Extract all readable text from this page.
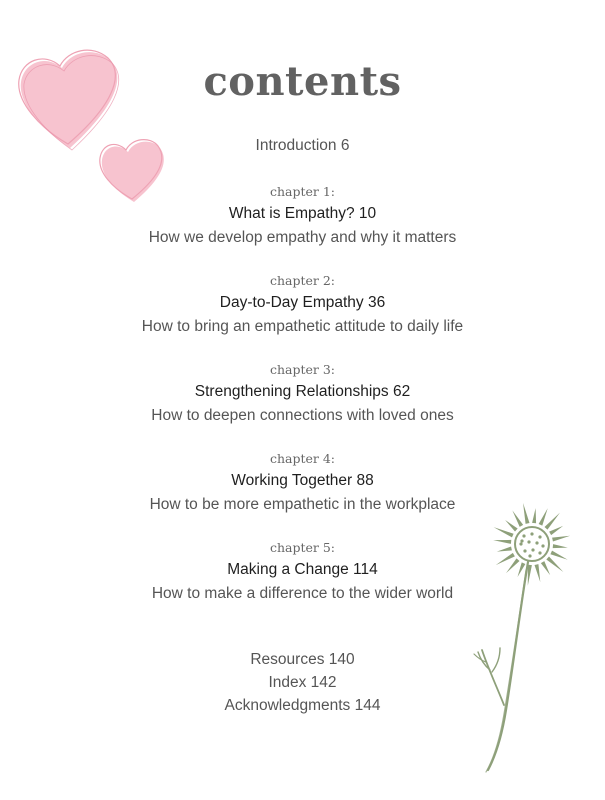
contents
Introduction 6
chapter 1:
What is Empathy? 10
How we develop empathy and why it matters
chapter 2:
Day-to-Day Empathy 36
How to bring an empathetic attitude to daily life
chapter 3:
Strengthening Relationships 62
How to deepen connections with loved ones
chapter 4:
Working Together 88
How to be more empathetic in the workplace
chapter 5:
Making a Change 114
How to make a difference to the wider world
Resources 140
Index 142
Acknowledgments 144
